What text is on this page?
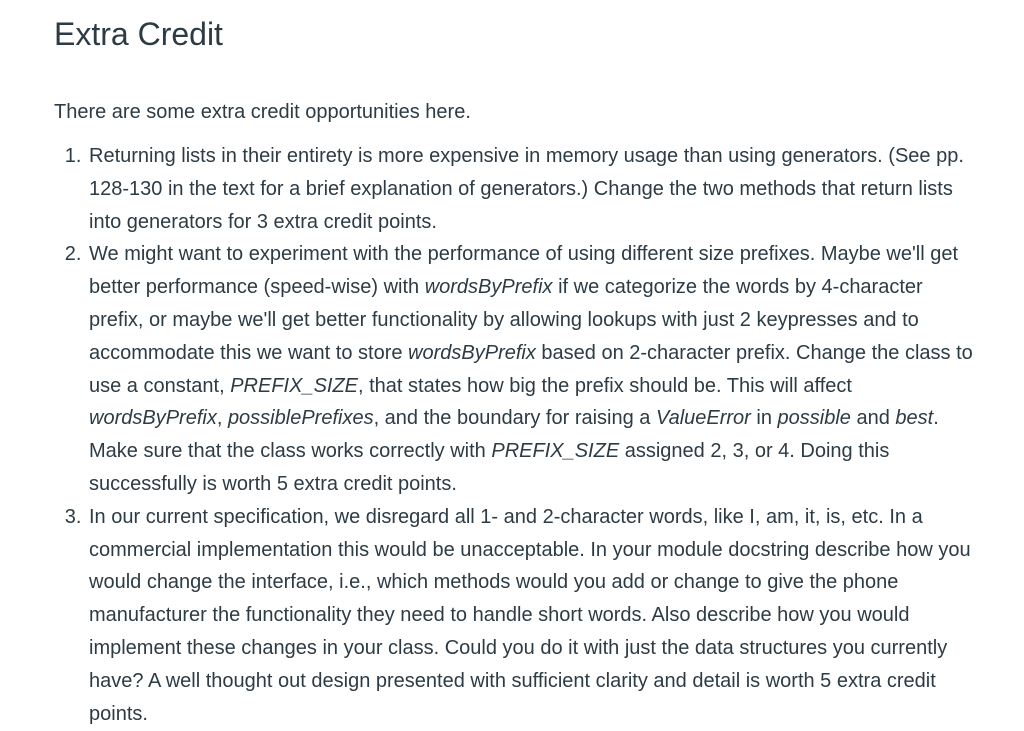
Extra Credit

There are some extra credit opportunities here.

1. Returning lists in their entirety is more expensive in memory usage than using generators. (See pp. 128-130 in the text for a brief explanation of generators.) Change the two methods that return lists into generators for 3 extra credit points.
2. We might want to experiment with the performance of using different size prefixes. Maybe we'll get better performance (speed-wise) with wordsByPrefix if we categorize the words by 4-character prefix, or maybe we'll get better functionality by allowing lookups with just 2 keypresses and to accommodate this we want to store wordsByPrefix based on 2-character prefix. Change the class to use a constant, PREFIX_SIZE, that states how big the prefix should be. This will affect wordsByPrefix, possiblePrefixes, and the boundary for raising a ValueError in possible and best. Make sure that the class works correctly with PREFIX_SIZE assigned 2, 3, or 4. Doing this successfully is worth 5 extra credit points.
3. In our current specification, we disregard all 1- and 2-character words, like I, am, it, is, etc. In a commercial implementation this would be unacceptable. In your module docstring describe how you would change the interface, i.e., which methods would you add or change to give the phone manufacturer the functionality they need to handle short words. Also describe how you would implement these changes in your class. Could you do it with just the data structures you currently have? A well thought out design presented with sufficient clarity and detail is worth 5 extra credit points.
